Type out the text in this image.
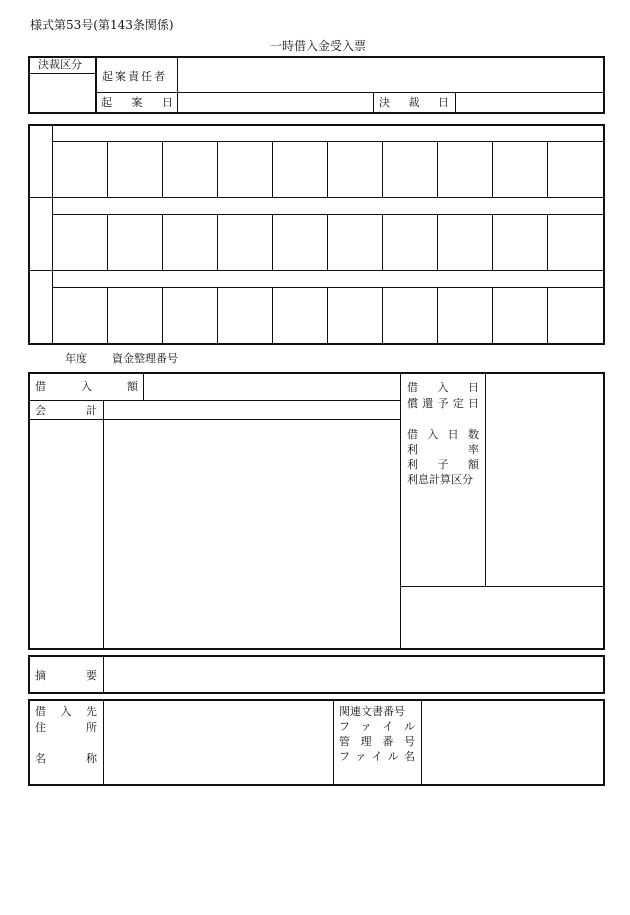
様式第53号(第143条関係)
一時借入金受入票
決裁区分
起案責任者
起 案 日	決 裁 日
年度 資金整理番号
借	入	額
会	計
借 入 日
償 還 予 定 日
借 入 日 数
利	率
利 子 額
利息計算区分
摘	要
借 入 先
住	所
名	称
関連文書番号
フ ァ イ ル
管 理 番 号
フ ァ イ ル 名
